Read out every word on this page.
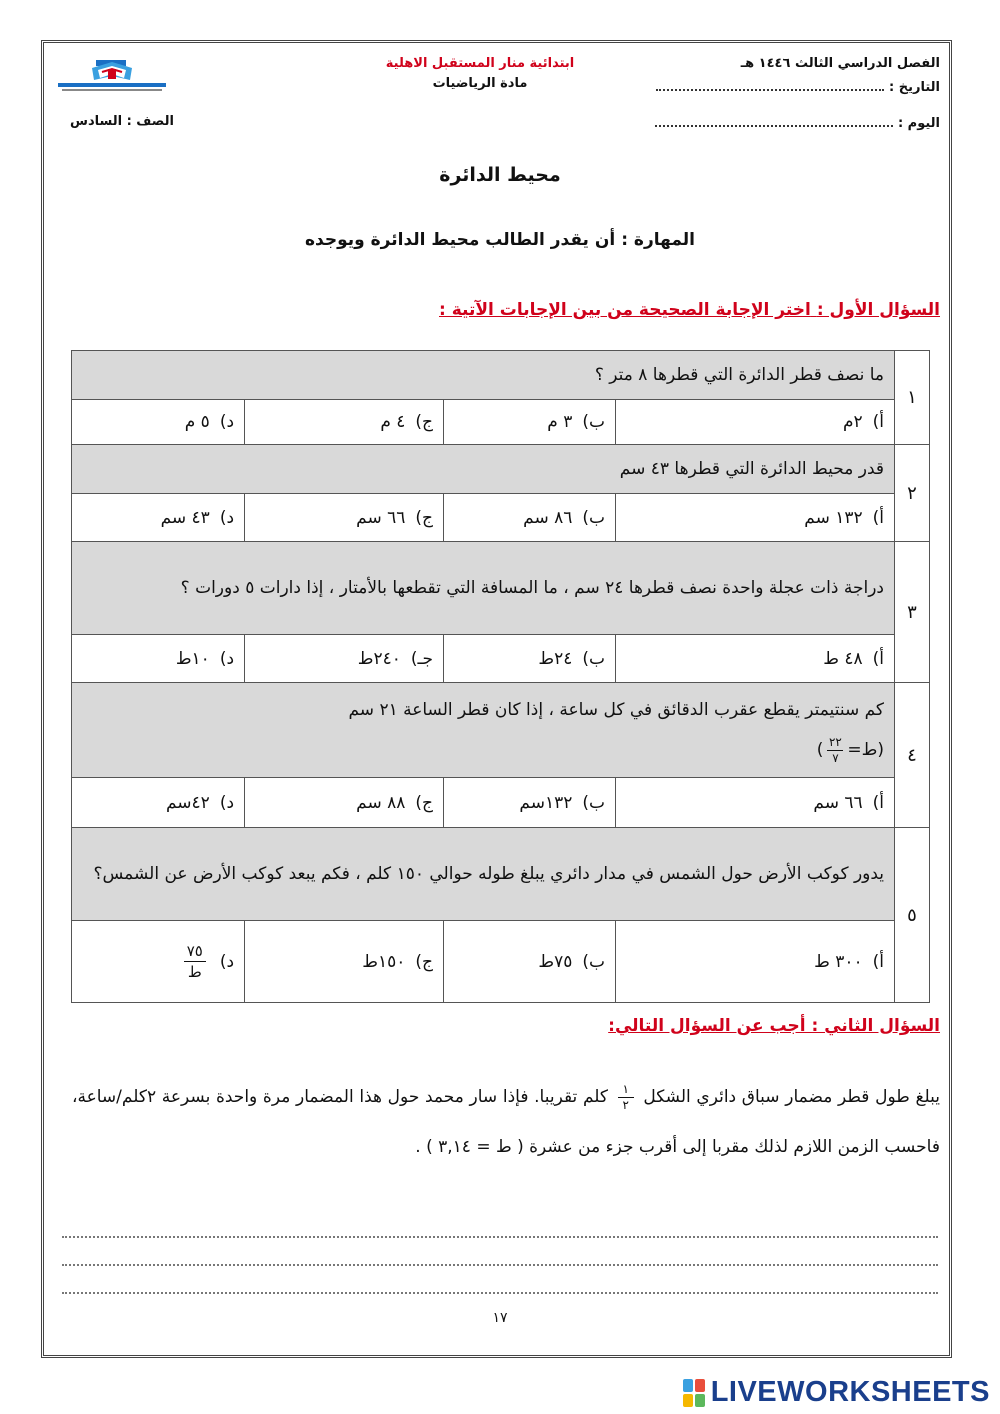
الفصل الدراسي الثالث ١٤٤٦ هـ
التاريخ :
اليوم :
ابتدائية منار المستقبل الاهلية
مادة الرياضيات
الصف : السادس
محيط الدائرة
المهارة :أن يقدر الطالب محيط الدائرة ويوجده
السؤال الأول : اختر الإجابة الصحيحة من بين الإجابات الآتية :
١	ما نصف قطر الدائرة التي قطرها ٨ متر ؟			
	أ)٢م	ب)٣ م	ج)٤ م	د)٥ م
٢	قدر محيط الدائرة التي قطرها ٤٣ سم			
	أ)١٣٢ سم	ب)٨٦ سم	ج)٦٦ سم	د)٤٣ سم
٣	دراجة ذات عجلة واحدة نصف قطرها ٢٤ سم ، ما المسافة التي تقطعها بالأمتار ، إذا دارات ٥ دورات ؟			
	أ)٤٨ ط	ب)٢٤ط	جـ)٢٤٠ط	د)١٠ط
٤	كم سنتيمتر يقطع عقرب الدقائق في كل ساعة ، إذا كان قطر الساعة ٢١ سم
(ط=
$\frac{٢٢}{٧}$
)			

	أ)٦٦ سم	ب)١٣٢سم	ج)٨٨ سم	د)٤٢سم
٥	يدور كوكب الأرض حول الشمس في مدار دائري يبلغ طوله حوالي ١٥٠ كلم ، فكم يبعد كوكب الأرض عن الشمس؟			
	أ)٣٠٠ ط	ب)٧٥ط	ج)١٥٠ط	د)
$\frac{٧٥}{\text{ط}}$
السؤال الثاني : أجب عن السؤال التالي:
يبلغ طول قطر مضمار سباق دائري الشكل
$\frac{١}{٢}$
كلم تقريبا. فإذا سار محمد حول هذا المضمار مرة واحدة بسرعة ٢كلم/ساعة، فاحسب الزمن اللازم لذلك مقربا إلى أقرب جزء من عشرة ( ط = ٣,١٤ ) .
١٧
LIVEWORKSHEETS
